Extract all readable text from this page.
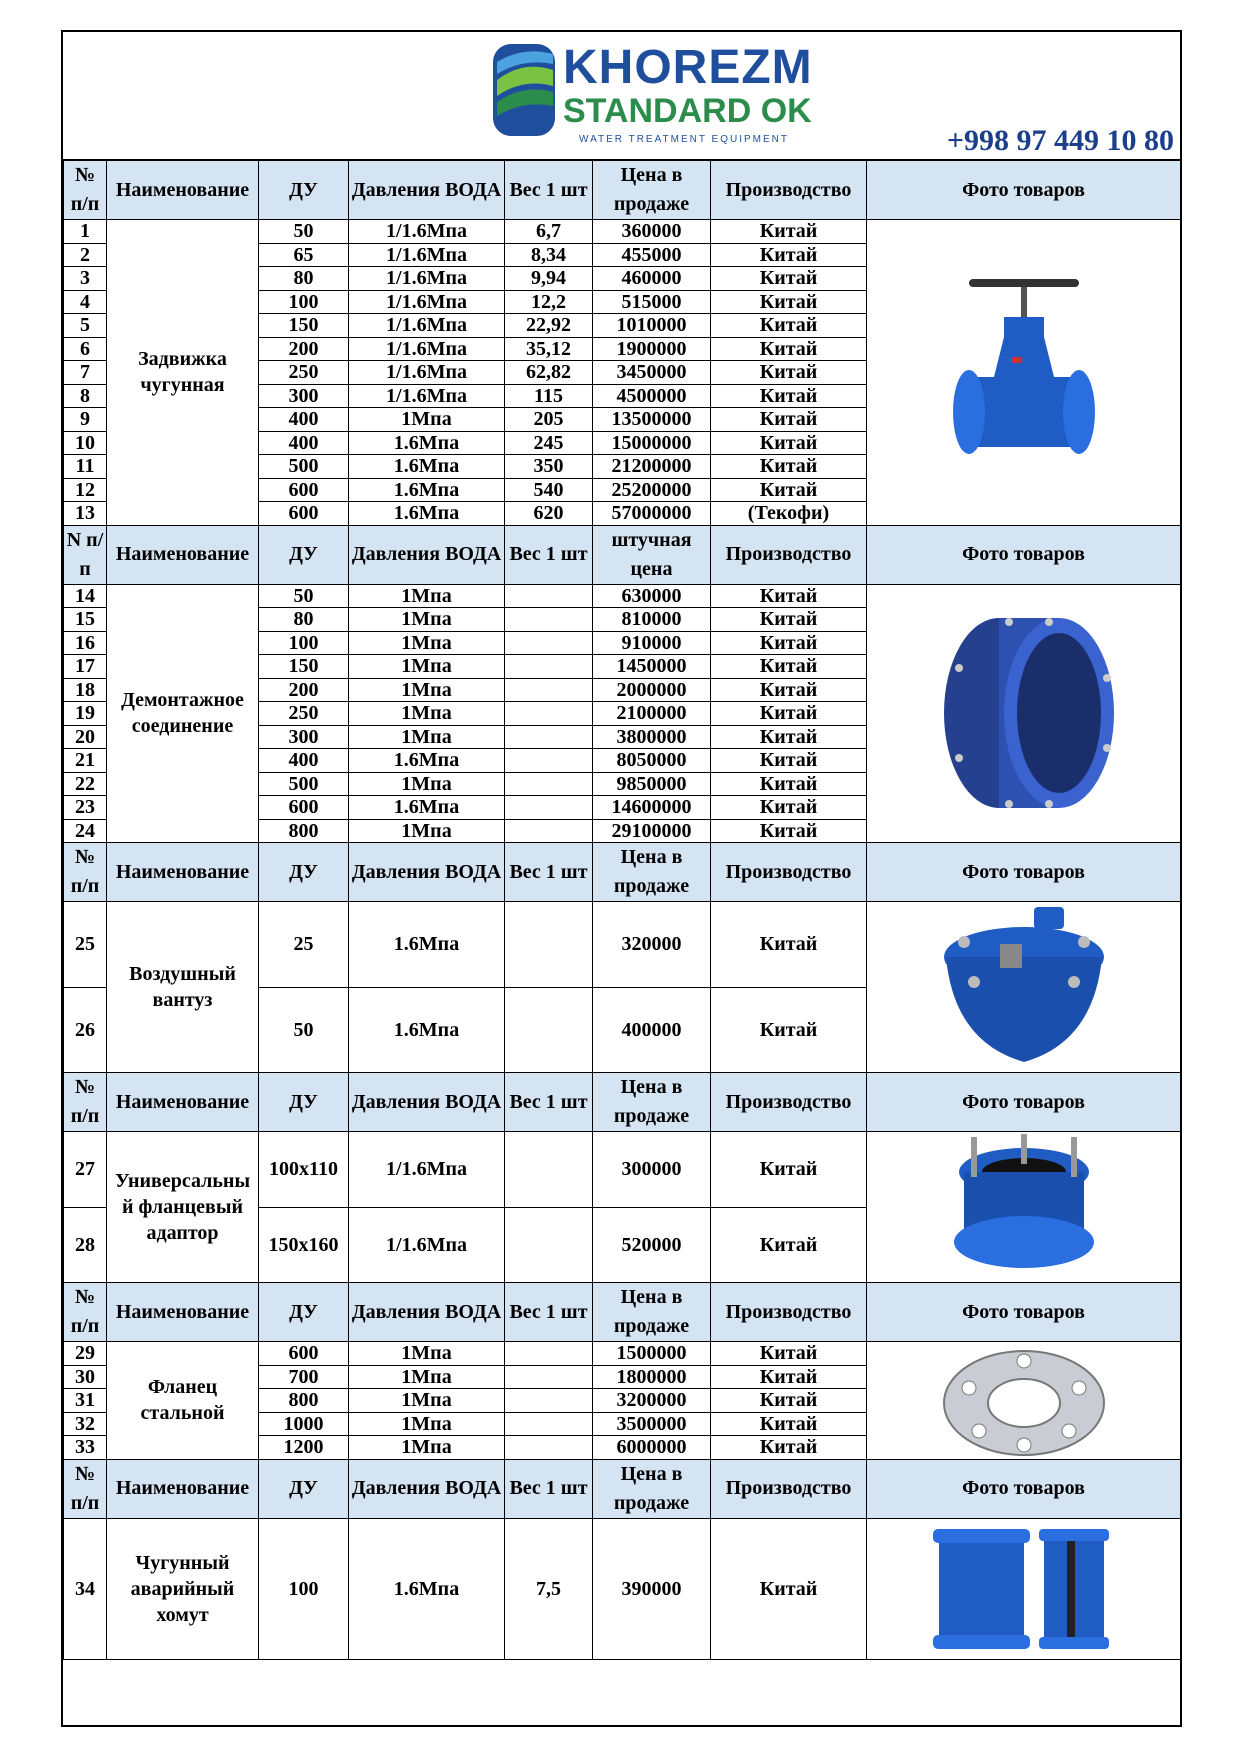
KHOREZM
STANDARD OK
WATER TREATMENT EQUIPMENT	+998 97 449 10 80
№ п/п	Наименование	ДУ	Давления ВОДА	Вес 1 шт	Цена в продаже	Производство	Фото товаров
1	Задвижка чугунная	50	1/1.6Мпа	6,7	360000	Китай	

2		65	1/1.6Мпа	8,34	455000	Китай	
3		80	1/1.6Мпа	9,94	460000	Китай	
4		100	1/1.6Мпа	12,2	515000	Китай	
5		150	1/1.6Мпа	22,92	1010000	Китай	
6		200	1/1.6Мпа	35,12	1900000	Китай	
7		250	1/1.6Мпа	62,82	3450000	Китай	
8		300	1/1.6Мпа	115	4500000	Китай	
9		400	1Мпа	205	13500000	Китай	
10		400	1.6Мпа	245	15000000	Китай	
11		500	1.6Мпа	350	21200000	Китай	
12		600	1.6Мпа	540	25200000	Китай	
13		600	1.6Мпа	620	57000000	(Текофи)	
N п/п	Наименование	ДУ	Давления ВОДА	Вес 1 шт	штучная цена	Производство	Фото товаров
14	Демонтажное соединение	50	1Мпа		630000	Китай	

15		80	1Мпа		810000	Китай	
16		100	1Мпа		910000	Китай	
17		150	1Мпа		1450000	Китай	
18		200	1Мпа		2000000	Китай	
19		250	1Мпа		2100000	Китай	
20		300	1Мпа		3800000	Китай	
21		400	1.6Мпа		8050000	Китай	
22		500	1Мпа		9850000	Китай	
23		600	1.6Мпа		14600000	Китай	
24		800	1Мпа		29100000	Китай	
№ п/п	Наименование	ДУ	Давления ВОДА	Вес 1 шт	Цена в продаже	Производство	Фото товаров
25	Воздушный вантуз	25	1.6Мпа		320000	Китай	

26		50	1.6Мпа		400000	Китай	
№ п/п	Наименование	ДУ	Давления ВОДА	Вес 1 шт	Цена в продаже	Производство	Фото товаров
27	Универсальны й фланцевый адаптор	100x110	1/1.6Мпа		300000	Китай	

28		150x160	1/1.6Мпа		520000	Китай	
№ п/п	Наименование	ДУ	Давления ВОДА	Вес 1 шт	Цена в продаже	Производство	Фото товаров
29	Фланец стальной	600	1Мпа		1500000	Китай	

30		700	1Мпа		1800000	Китай	
31		800	1Мпа		3200000	Китай	
32		1000	1Мпа		3500000	Китай	
33		1200	1Мпа		6000000	Китай	
№ п/п	Наименование	ДУ	Давления ВОДА	Вес 1 шт	Цена в продаже	Производство	Фото товаров
34	Чугунный аварийный хомут	100	1.6Мпа	7,5	390000	Китай	
